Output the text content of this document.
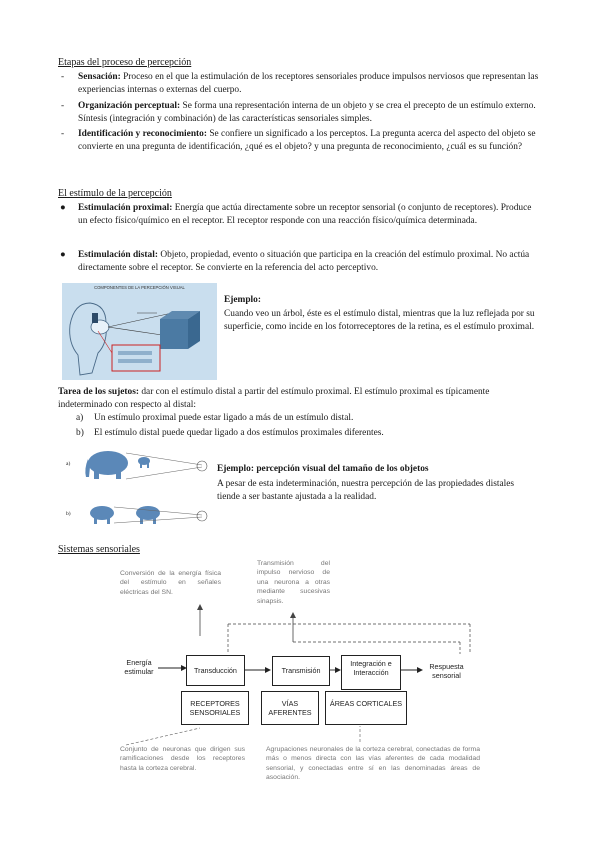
Etapas del proceso de percepción
- Sensación: Proceso en el que la estimulación de los receptores sensoriales produce impulsos nerviosos que representan las experiencias internas o externas del cuerpo.
- Organización perceptual: Se forma una representación interna de un objeto y se crea el precepto de un estímulo externo. Síntesis (integración y combinación) de las características sensoriales simples.
- Identificación y reconocimiento: Se confiere un significado a los perceptos. La pregunta acerca del aspecto del objeto se convierte en una pregunta de identificación, ¿qué es el objeto? y una pregunta de reconocimiento, ¿cuál es su función?
El estímulo de la percepción
● Estimulación proximal: Energía que actúa directamente sobre un receptor sensorial (o conjunto de receptores). Produce un efecto físico/químico en el receptor. El receptor responde con una reacción físico/química determinada.
● Estimulación distal: Objeto, propiedad, evento o situación que participa en la creación del estímulo proximal. No actúa directamente sobre el receptor. Se convierte en la referencia del acto perceptivo.
COMPONENTES DE LA PERCEPCIÓN VISUAL
Ejemplo:
Cuando veo un árbol, éste es el estímulo distal, mientras que la luz reflejada por su superficie, como incide en los fotorreceptores de la retina, es el estímulo proximal.
Tarea de los sujetos: dar con el estímulo distal a partir del estímulo proximal. El estímulo proximal es típicamente indeterminado con respecto al distal:
a) Un estímulo proximal puede estar ligado a más de un estímulo distal.
b) El estímulo distal puede quedar ligado a dos estímulos proximales diferentes.
a)
b)
Ejemplo: percepción visual del tamaño de los objetos
A pesar de esta indeterminación, nuestra percepción de las propiedades distales tiende a ser bastante ajustada a la realidad.
Sistemas sensoriales
Conversión de la energía física del estímulo en señales eléctricas del SN.
Transmisión del impulso nervioso de una neurona a otras mediante sucesivas sinapsis.
Energía estimular	Transducción	Transmisión
Integración e Interacción
Respuesta sensorial
RECEPTORES SENSORIALES
VÍAS AFERENTES
ÁREAS CORTICALES
Conjunto de neuronas que dirigen sus ramificaciones desde los receptores hasta la corteza cerebral.
Agrupaciones neuronales de la corteza cerebral, conectadas de forma más o menos directa con las vías aferentes de cada modalidad sensorial, y conectadas entre sí en las denominadas áreas de asociación.
